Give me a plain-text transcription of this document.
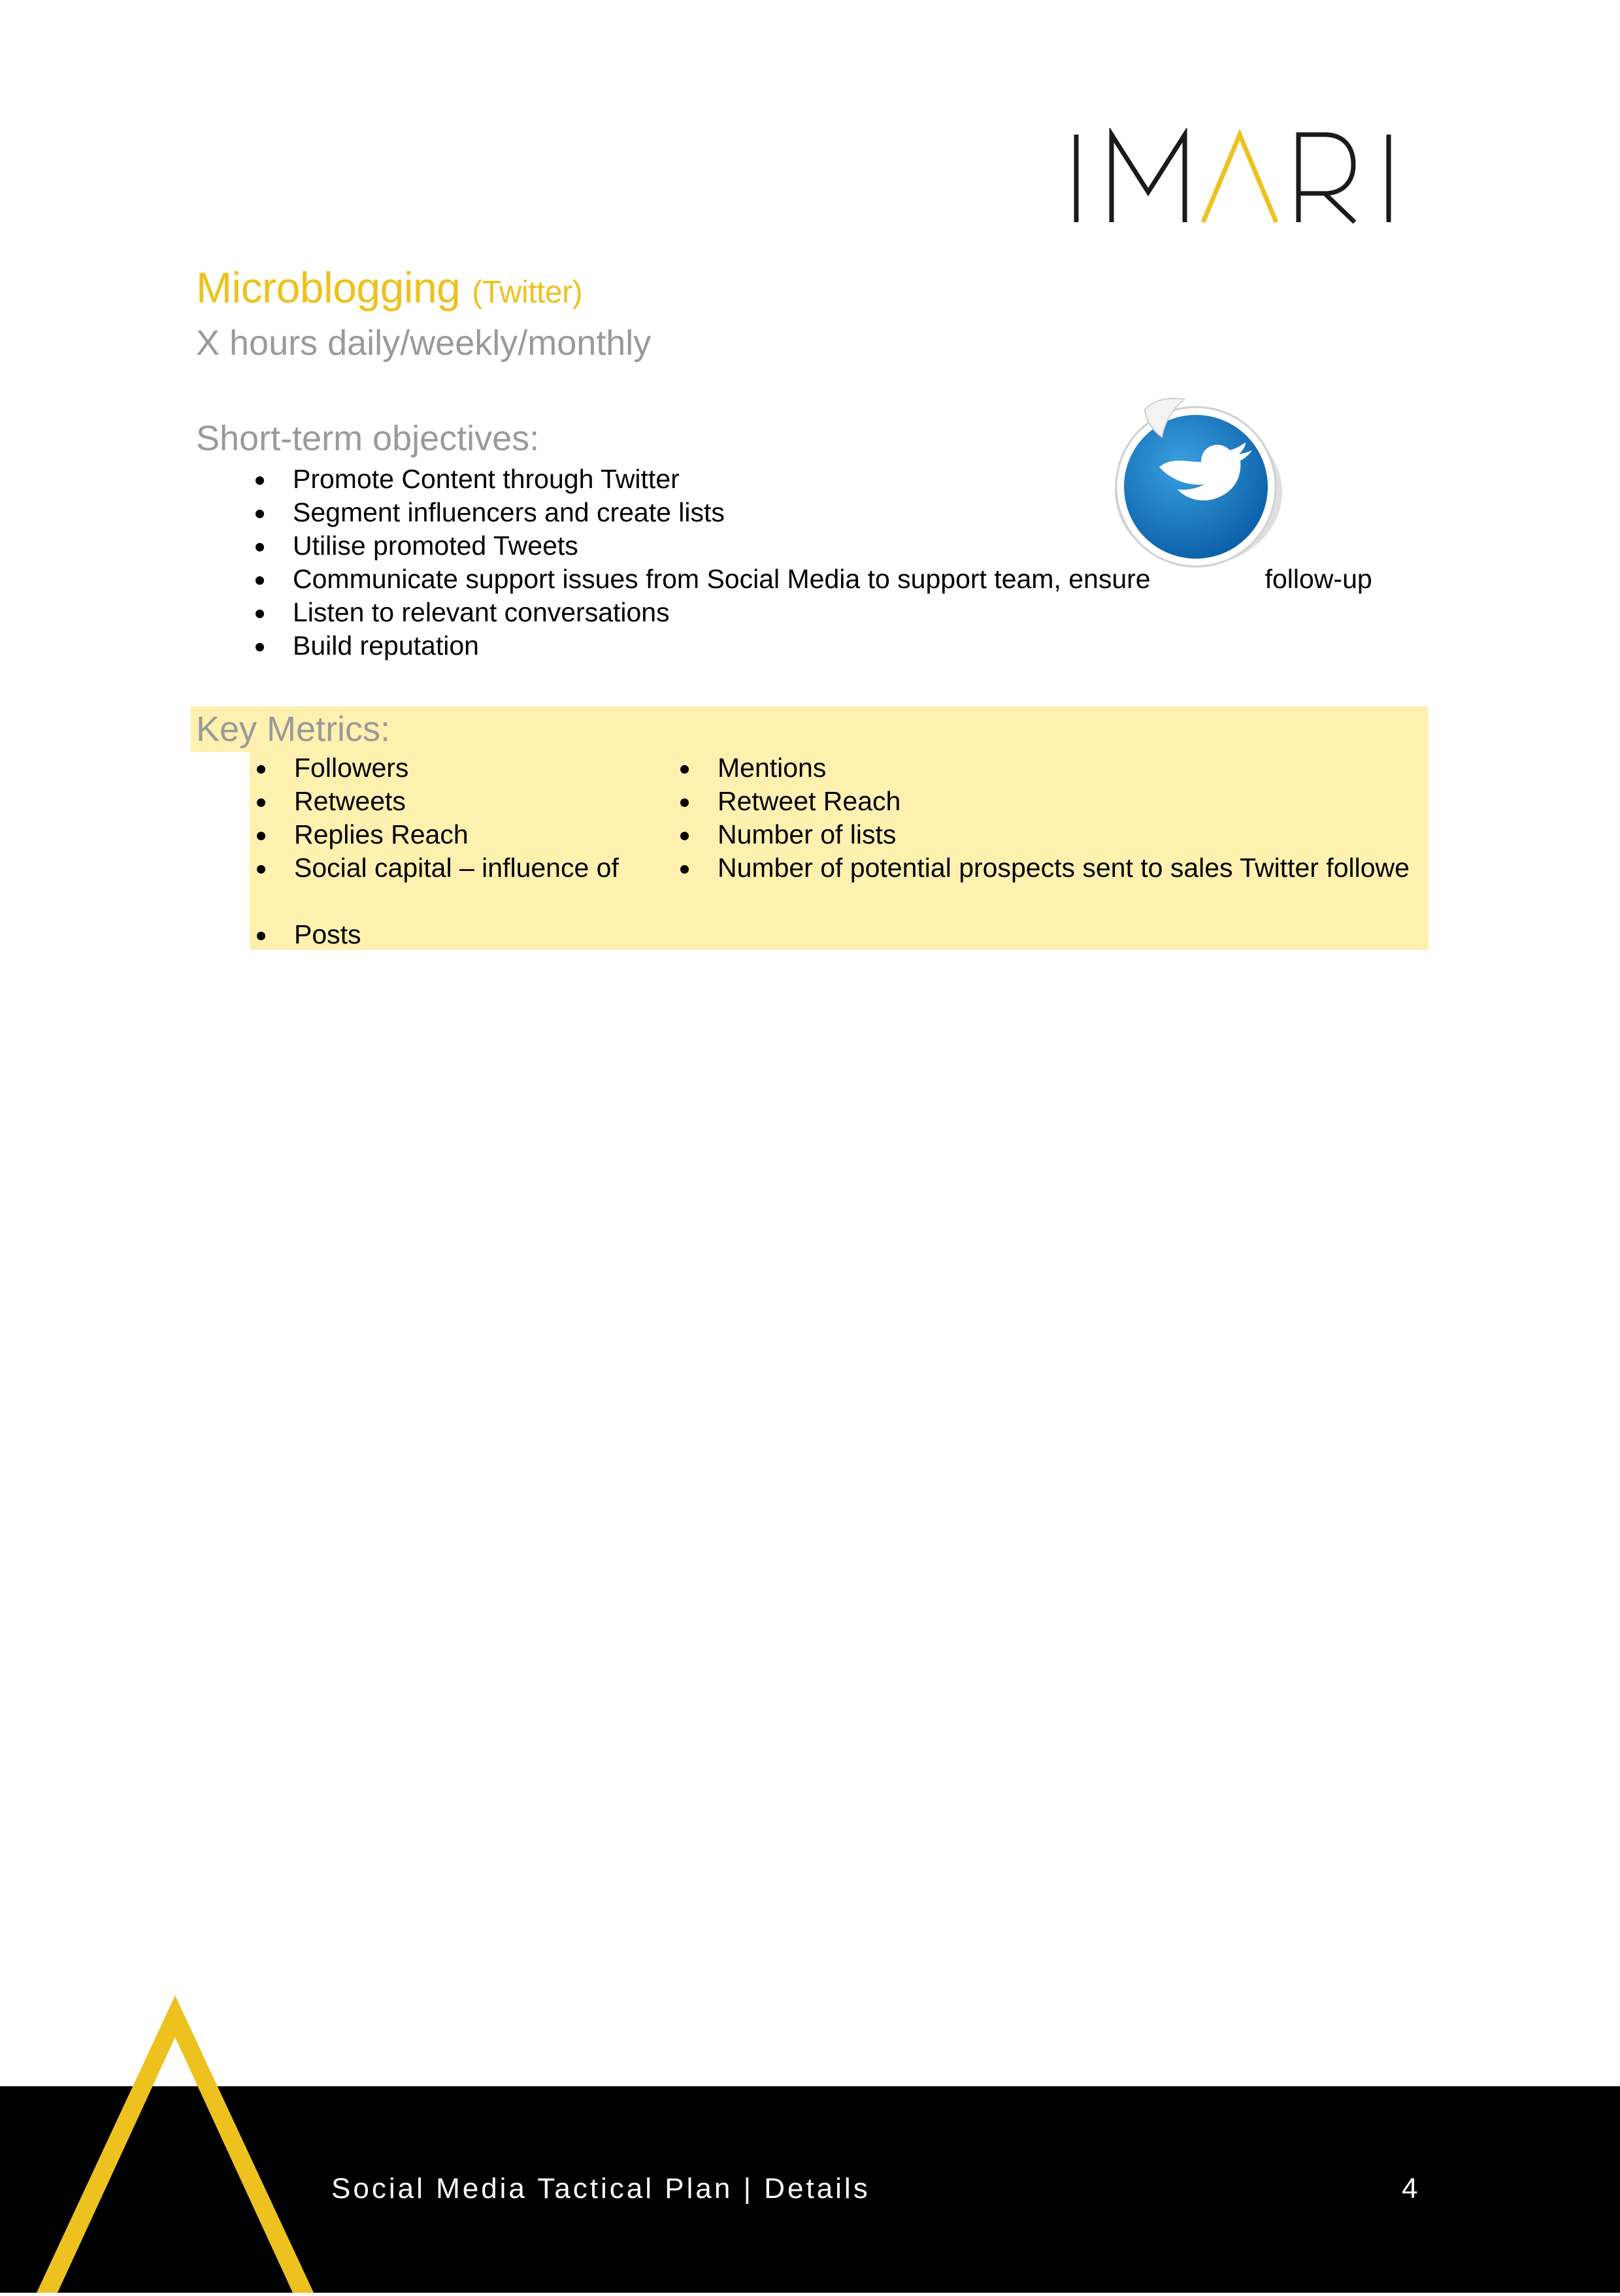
Microblogging (Twitter)
X hours daily/weekly/monthly
Short-term objectives:
Promote Content through Twitter
Segment influencers and create lists
Utilise promoted Tweets
Communicate support issues from Social Media to support team, ensure	follow-up
Listen to relevant conversations
Build reputation
Key Metrics:
Followers
Retweets
Replies Reach
Social capital – influence of
Posts
Mentions
Retweet Reach
Number of lists
Number of potential prospects sent to sales Twitter followe
Social Media Tactical Plan | Details	4
